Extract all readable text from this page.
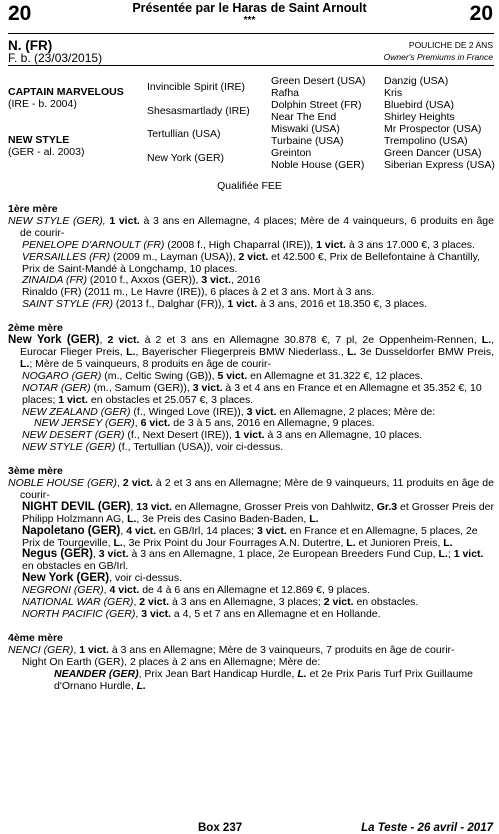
20	20
Présentée par le Haras de Saint Arnoult
***
N. (FR)
F. b. (23/03/2015)
POULICHE DE 2 ANS
Owner's Premiums in France
CAPTAIN MARVELOUS
(IRE - b. 2004)
NEW STYLE
(GER - al. 2003)
Invincible Spirit (IRE)
Shesasmartlady (IRE)
Tertullian (USA)
New York (GER)
Green Desert (USA)
Rafha
Dolphin Street (FR)
Near The End
Miswaki (USA)
Turbaine (USA)
Greinton
Noble House (GER)
Danzig (USA)
Kris
Bluebird (USA)
Shirley Heights
Mr Prospector (USA)
Trempolino (USA)
Green Dancer (USA)
Siberian Express (USA)
Qualifiée FEE

1ère mère

NEW STYLE (GER), 1 vict. à 3 ans en Allemagne, 4 places; Mère de 4 vainqueurs, 6 produits en âge de courir-

PENELOPE D'ARNOULT (FR) (2008 f., High Chaparral (IRE)), 1 vict. à 3 ans 17.000 €, 3 places.

VERSAILLES (FR) (2009 m., Layman (USA)), 2 vict. et 42.500 €, Prix de Bellefontaine à Chantilly, Prix de Saint-Mandé à Longchamp, 10 places.

ZINAIDA (FR) (2010 f., Axxos (GER)), 3 vict., 2016

Rinaldo (FR) (2011 m., Le Havre (IRE)), 6 places à 2 et 3 ans. Mort à 3 ans.

SAINT STYLE (FR) (2013 f., Dalghar (FR)), 1 vict. à 3 ans, 2016 et 18.350 €, 3 places.

2ème mère

New York (GER), 2 vict. à 2 et 3 ans en Allemagne 30.878 €, 7 pl, 2e Oppenheim-Rennen, L., Eurocar Flieger Preis, L., Bayerischer Fliegerpreis BMW Niederlass., L. 3e Dusseldorfer BMW Preis, L.; Mère de 5 vainqueurs, 8 produits en âge de courir-

NOGARO (GER) (m., Celtic Swing (GB)), 5 vict. en Allemagne et 31.322 €, 12 places.

NOTAR (GER) (m., Samum (GER)), 3 vict. à 3 et 4 ans en France et en Allemagne et 35.352 €, 10 places; 1 vict. en obstacles et 25.057 €, 3 places.

NEW ZEALAND (GER) (f., Winged Love (IRE)), 3 vict. en Allemagne, 2 places; Mère de:

NEW JERSEY (GER), 6 vict. de 3 à 5 ans, 2016 en Allemagne, 9 places.

NEW DESERT (GER) (f., Next Desert (IRE)), 1 vict. à 3 ans en Allemagne, 10 places.

NEW STYLE (GER) (f., Tertullian (USA)), voir ci-dessus.

3ème mère

NOBLE HOUSE (GER), 2 vict. à 2 et 3 ans en Allemagne; Mère de 9 vainqueurs, 11 produits en âge de courir-

NIGHT DEVIL (GER), 13 vict. en Allemagne, Grosser Preis von Dahlwitz, Gr.3 et Grosser Preis der Philipp Holzmann AG, L., 3e Preis des Casino Baden-Baden, L.

Napoletano (GER), 4 vict. en GB/Irl, 14 places; 3 vict. en France et en Allemagne, 5 places, 2e Prix de Tourgeville, L., 3e Prix Point du Jour Fourrages A.N. Dutertre, L. et Junioren Preis, L.

Negus (GER), 3 vict. à 3 ans en Allemagne, 1 place, 2e European Breeders Fund Cup, L.; 1 vict. en obstacles en GB/Irl.

New York (GER), voir ci-dessus.

NEGRONI (GER), 4 vict. de 4 à 6 ans en Allemagne et 12.869 €, 9 places.

NATIONAL WAR (GER), 2 vict. à 3 ans en Allemagne, 3 places; 2 vict. en obstacles.

NORTH PACIFIC (GER), 3 vict. a 4, 5 et 7 ans en Allemagne et en Hollande.

4ème mère

NENCI (GER), 1 vict. à 3 ans en Allemagne; Mère de 3 vainqueurs, 7 produits en âge de courir-

Night On Earth (GER), 2 places à 2 ans en Allemagne; Mère de:

NEANDER (GER), Prix Jean Bart Handicap Hurdle, L. et 2e Prix Paris Turf Prix Guillaume d'Ornano Hurdle, L.

Box 237	La Teste - 26 avril - 2017
